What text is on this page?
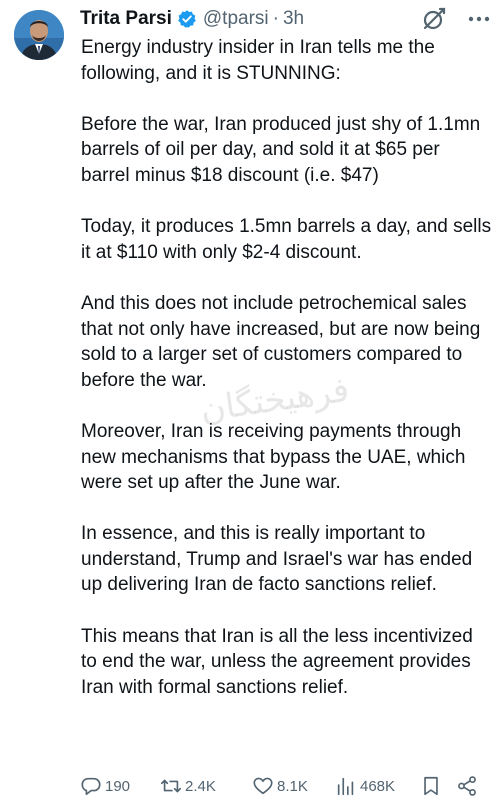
Trita Parsi @tparsi · 3h

Energy industry insider in Iran tells me the following, and it is STUNNING:

Before the war, Iran produced just shy of 1.1mn barrels of oil per day, and sold it at $65 per barrel minus $18 discount (i.e. $47)

Today, it produces 1.5mn barrels a day, and sells it at $110 with only $2-4 discount.

And this does not include petrochemical sales that not only have increased, but are now being sold to a larger set of customers compared to before the war.

Moreover, Iran is receiving payments through new mechanisms that bypass the UAE, which were set up after the June war.

In essence, and this is really important to understand, Trump and Israel's war has ended up delivering Iran de facto sanctions relief.

This means that Iran is all the less incentivized to end the war, unless the agreement provides Iran with formal sanctions relief.

فرهیختگان
190	2.4K	8.1K	468K
